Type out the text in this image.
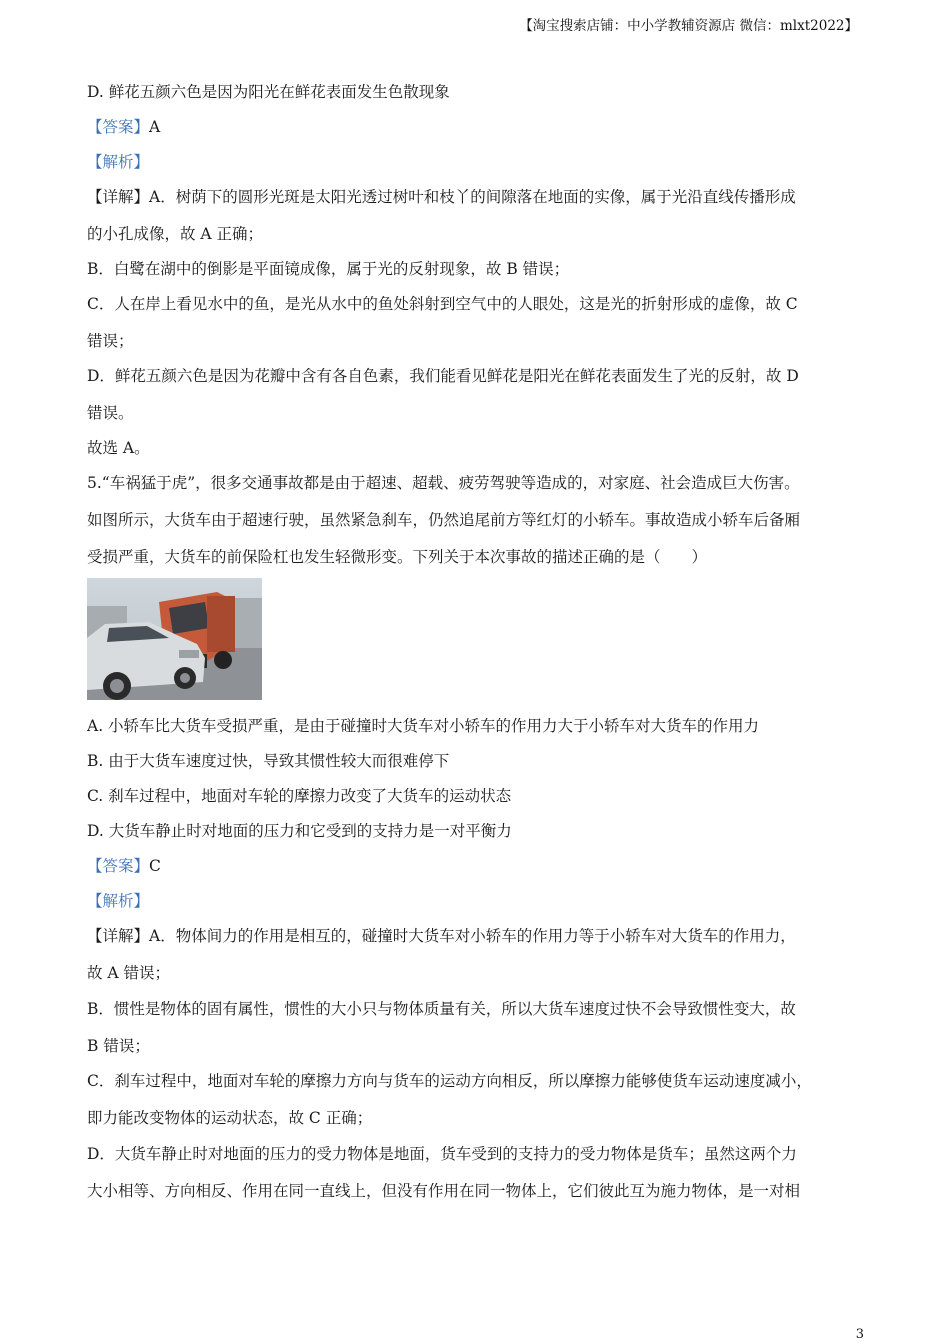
【淘宝搜索店铺：中小学教辅资源店 微信：mlxt2022】
D. 鲜花五颜六色是因为阳光在鲜花表面发生色散现象
【答案】A
【解析】
【详解】A．树荫下的圆形光斑是太阳光透过树叶和枝丫的间隙落在地面的实像，属于光沿直线传播形成
的小孔成像，故 A 正确；
B．白鹭在湖中的倒影是平面镜成像，属于光的反射现象，故 B 错误；
C．人在岸上看见水中的鱼，是光从水中的鱼处斜射到空气中的人眼处，这是光的折射形成的虚像，故 C
错误；
D．鲜花五颜六色是因为花瓣中含有各自色素，我们能看见鲜花是阳光在鲜花表面发生了光的反射，故 D
错误。
故选 A。
5.“车祸猛于虎”，很多交通事故都是由于超速、超载、疲劳驾驶等造成的，对家庭、社会造成巨大伤害。
如图所示，大货车由于超速行驶，虽然紧急刹车，仍然追尾前方等红灯的小轿车。事故造成小轿车后备厢
受损严重，大货车的前保险杠也发生轻微形变。下列关于本次事故的描述正确的是（　　）
A. 小轿车比大货车受损严重，是由于碰撞时大货车对小轿车的作用力大于小轿车对大货车的作用力
B. 由于大货车速度过快，导致其惯性较大而很难停下
C. 刹车过程中，地面对车轮的摩擦力改变了大货车的运动状态
D. 大货车静止时对地面的压力和它受到的支持力是一对平衡力
【答案】C
【解析】
【详解】A．物体间力的作用是相互的，碰撞时大货车对小轿车的作用力等于小轿车对大货车的作用力，
故 A 错误；
B．惯性是物体的固有属性，惯性的大小只与物体质量有关，所以大货车速度过快不会导致惯性变大，故
B 错误；
C．刹车过程中，地面对车轮的摩擦力方向与货车的运动方向相反，所以摩擦力能够使货车运动速度减小，
即力能改变物体的运动状态，故 C 正确；
D．大货车静止时对地面的压力的受力物体是地面，货车受到的支持力的受力物体是货车；虽然这两个力
大小相等、方向相反、作用在同一直线上，但没有作用在同一物体上，它们彼此互为施力物体，是一对相
3
